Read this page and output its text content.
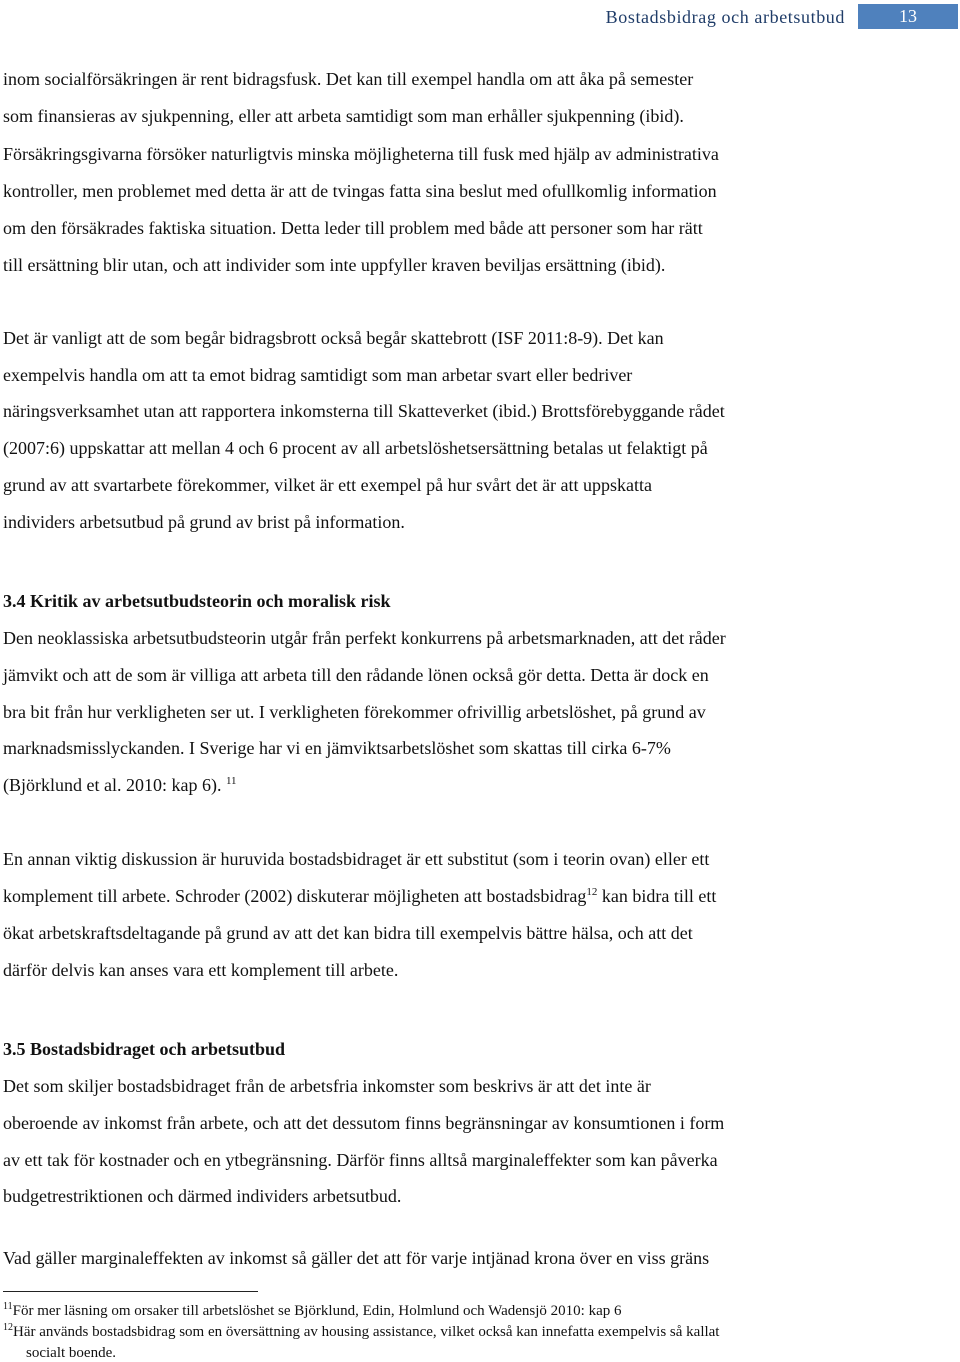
Bostadsbidrag och arbetsutbud	13
inom socialförsäkringen är rent bidragsfusk. Det kan till exempel handla om att åka på semester
som finansieras av sjukpenning, eller att arbeta samtidigt som man erhåller sjukpenning (ibid).
Försäkringsgivarna försöker naturligtvis minska möjligheterna till fusk med hjälp av administrativa
kontroller, men problemet med detta är att de tvingas fatta sina beslut med ofullkomlig information
om den försäkrades faktiska situation. Detta leder till problem med både att personer som har rätt
till ersättning blir utan, och att individer som inte uppfyller kraven beviljas ersättning (ibid).
Det är vanligt att de som begår bidragsbrott också begår skattebrott (ISF 2011:8-9). Det kan
exempelvis handla om att ta emot bidrag samtidigt som man arbetar svart eller bedriver
näringsverksamhet utan att rapportera inkomsterna till Skatteverket (ibid.) Brottsförebyggande rådet
(2007:6) uppskattar att mellan 4 och 6 procent av all arbetslöshetsersättning betalas ut felaktigt på
grund av att svartarbete förekommer, vilket är ett exempel på hur svårt det är att uppskatta
individers arbetsutbud på grund av brist på information.
3.4 Kritik av arbetsutbudsteorin och moralisk risk
Den neoklassiska arbetsutbudsteorin utgår från perfekt konkurrens på arbetsmarknaden, att det råder
jämvikt och att de som är villiga att arbeta till den rådande lönen också gör detta. Detta är dock en
bra bit från hur verkligheten ser ut. I verkligheten förekommer ofrivillig arbetslöshet, på grund av
marknadsmisslyckanden. I Sverige har vi en jämviktsarbetslöshet som skattas till cirka 6-7%
(Björklund et al. 2010: kap 6). $^{11}$
En annan viktig diskussion är huruvida bostadsbidraget är ett substitut (som i teorin ovan) eller ett
komplement till arbete. Schroder (2002) diskuterar möjligheten att bostadsbidrag$^{12}$ kan bidra till ett
ökat arbetskraftsdeltagande på grund av att det kan bidra till exempelvis bättre hälsa, och att det
därför delvis kan anses vara ett komplement till arbete.
3.5 Bostadsbidraget och arbetsutbud
Det som skiljer bostadsbidraget från de arbetsfria inkomster som beskrivs är att det inte är
oberoende av inkomst från arbete, och att det dessutom finns begränsningar av konsumtionen i form
av ett tak för kostnader och en ytbegränsning. Därför finns alltså marginaleffekter som kan påverka
budgetrestriktionen och därmed individers arbetsutbud.
Vad gäller marginaleffekten av inkomst så gäller det att för varje intjänad krona över en viss gräns
$^{11}$För mer läsning om orsaker till arbetslöshet se Björklund, Edin, Holmlund och Wadensjö 2010: kap 6
$^{12}$Här används bostadsbidrag som en översättning av housing assistance, vilket också kan innefatta exempelvis så kallat
socialt boende.
